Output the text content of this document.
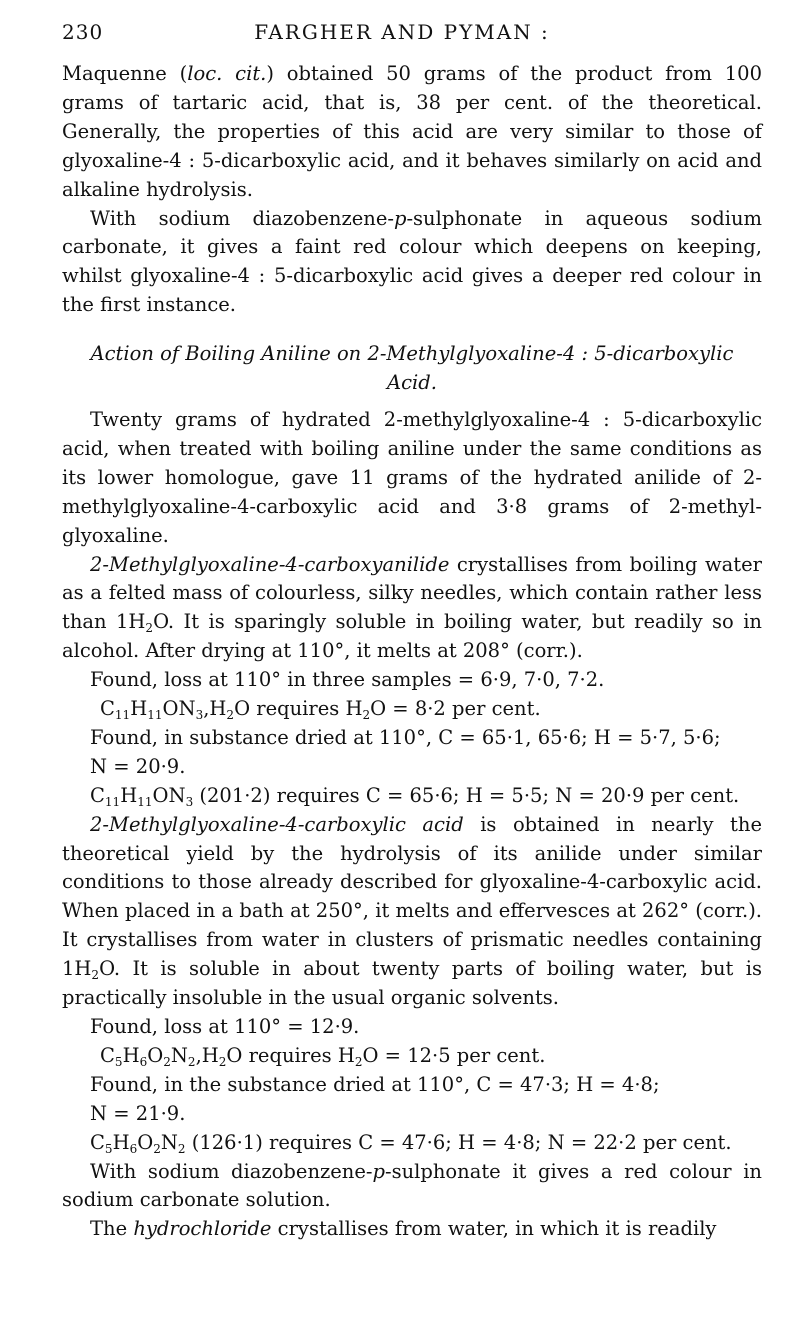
230	FARGHER AND PYMAN :

Maquenne (loc. cit.) obtained 50 grams of the product from 100 grams of tartaric acid, that is, 38 per cent. of the theoretical. Generally, the properties of this acid are very similar to those of glyoxaline-4 : 5-dicarboxylic acid, and it behaves similarly on acid and alkaline hydrolysis.

With sodium diazobenzene-p-sulphonate in aqueous sodium carbonate, it gives a faint red colour which deepens on keeping, whilst glyoxaline-4 : 5-dicarboxylic acid gives a deeper red colour in the first instance.

Action of Boiling Aniline on 2-Methylglyoxaline-4 : 5-dicarboxylic
Acid.

Twenty grams of hydrated 2-methylglyoxaline-4 : 5-dicarboxylic acid, when treated with boiling aniline under the same conditions as its lower homologue, gave 11 grams of the hydrated anilide of 2-methylglyoxaline-4-carboxylic acid and 3·8 grams of 2-methyl-glyoxaline.

2-Methylglyoxaline-4-carboxyanilide crystallises from boiling water as a felted mass of colourless, silky needles, which contain rather less than $1H_2O$. It is sparingly soluble in boiling water, but readily so in alcohol. After drying at 110°, it melts at 208° (corr.).

Found, loss at 110° in three samples = 6·9, 7·0, 7·2.

$C_{11}H_{11}ON_3,H_2O$ requires $H_2O = 8\cdot 2$ per cent.

Found, in substance dried at 110°, C = 65·1, 65·6; H = 5·7, 5·6;

N = 20·9.

$C_{11}H_{11}ON_3$ (201·2) requires C = 65·6; H = 5·5; N = 20·9 per cent.

2-Methylglyoxaline-4-carboxylic acid is obtained in nearly the theoretical yield by the hydrolysis of its anilide under similar conditions to those already described for glyoxaline-4-carboxylic acid. When placed in a bath at 250°, it melts and effervesces at 262° (corr.). It crystallises from water in clusters of prismatic needles containing $1H_2O$. It is soluble in about twenty parts of boiling water, but is practically insoluble in the usual organic solvents.

Found, loss at 110° = 12·9.

$C_5H_6O_2N_2,H_2O$ requires $H_2O = 12\cdot 5$ per cent.

Found, in the substance dried at 110°, C = 47·3; H = 4·8;

N = 21·9.

$C_5H_6O_2N_2$ (126·1) requires C = 47·6; H = 4·8; N = 22·2 per cent.

With sodium diazobenzene-p-sulphonate it gives a red colour in sodium carbonate solution.

The hydrochloride crystallises from water, in which it is readily
